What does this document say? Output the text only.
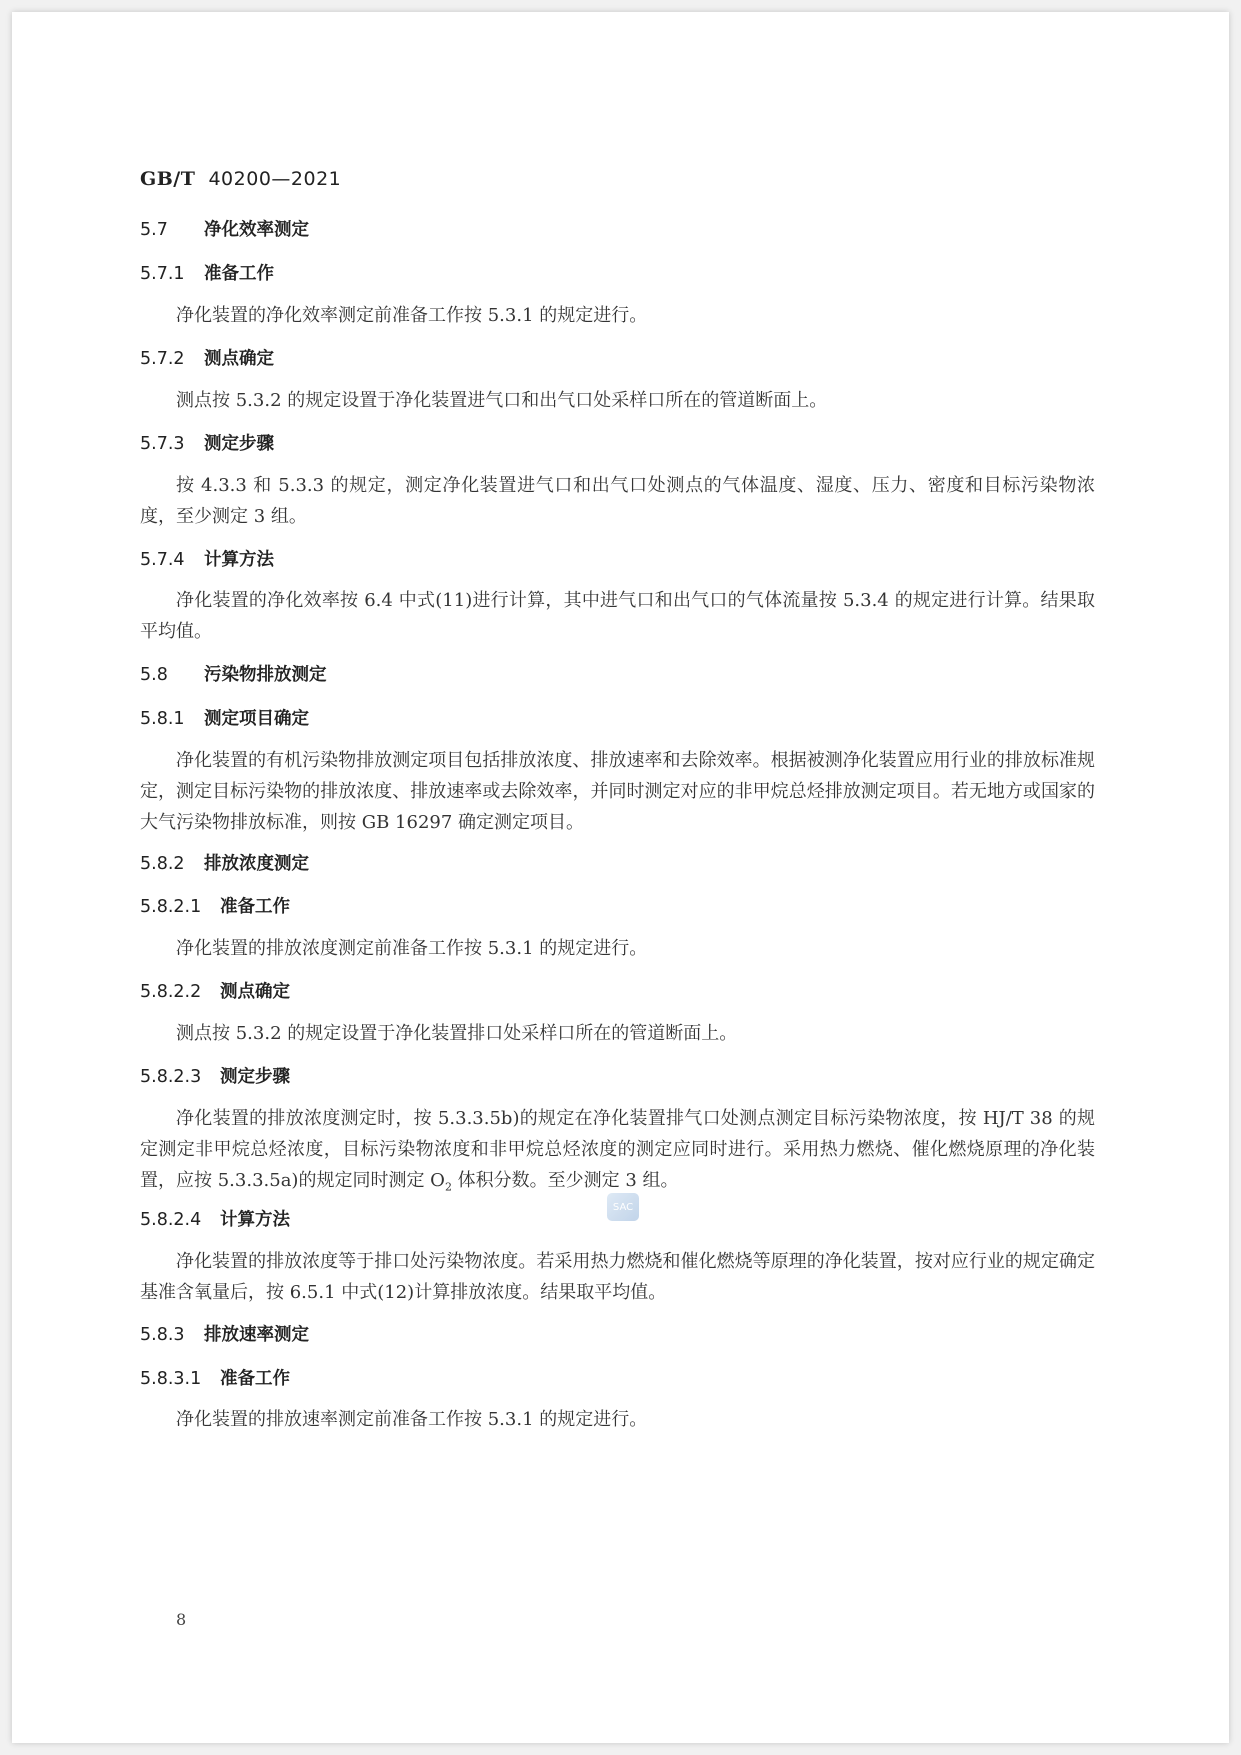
GB/T 40200—2021
5.7 净化效率测定
5.7.1 准备工作
净化装置的净化效率测定前准备工作按 5.3.1 的规定进行。
5.7.2 测点确定
测点按 5.3.2 的规定设置于净化装置进气口和出气口处采样口所在的管道断面上。
5.7.3 测定步骤
按 4.3.3 和 5.3.3 的规定，测定净化装置进气口和出气口处测点的气体温度、湿度、压力、密度和目标污染物浓度，至少测定 3 组。
5.7.4 计算方法
净化装置的净化效率按 6.4 中式(11)进行计算，其中进气口和出气口的气体流量按 5.3.4 的规定进行计算。结果取平均值。
5.8 污染物排放测定
5.8.1 测定项目确定
净化装置的有机污染物排放测定项目包括排放浓度、排放速率和去除效率。根据被测净化装置应用行业的排放标准规定，测定目标污染物的排放浓度、排放速率或去除效率，并同时测定对应的非甲烷总烃排放测定项目。若无地方或国家的大气污染物排放标准，则按 GB 16297 确定测定项目。
5.8.2 排放浓度测定
5.8.2.1 准备工作
净化装置的排放浓度测定前准备工作按 5.3.1 的规定进行。
5.8.2.2 测点确定
测点按 5.3.2 的规定设置于净化装置排口处采样口所在的管道断面上。
5.8.2.3 测定步骤
净化装置的排放浓度测定时，按 5.3.3.5b)的规定在净化装置排气口处测点测定目标污染物浓度，按 HJ/T 38 的规定测定非甲烷总烃浓度，目标污染物浓度和非甲烷总烃浓度的测定应同时进行。采用热力燃烧、催化燃烧原理的净化装置，应按 5.3.3.5a)的规定同时测定 $O_2$ 体积分数。至少测定 3 组。
5.8.2.4 计算方法
净化装置的排放浓度等于排口处污染物浓度。若采用热力燃烧和催化燃烧等原理的净化装置，按对应行业的规定确定基准含氧量后，按 6.5.1 中式(12)计算排放浓度。结果取平均值。
5.8.3 排放速率测定
5.8.3.1 准备工作
净化装置的排放速率测定前准备工作按 5.3.1 的规定进行。
SAC
8
